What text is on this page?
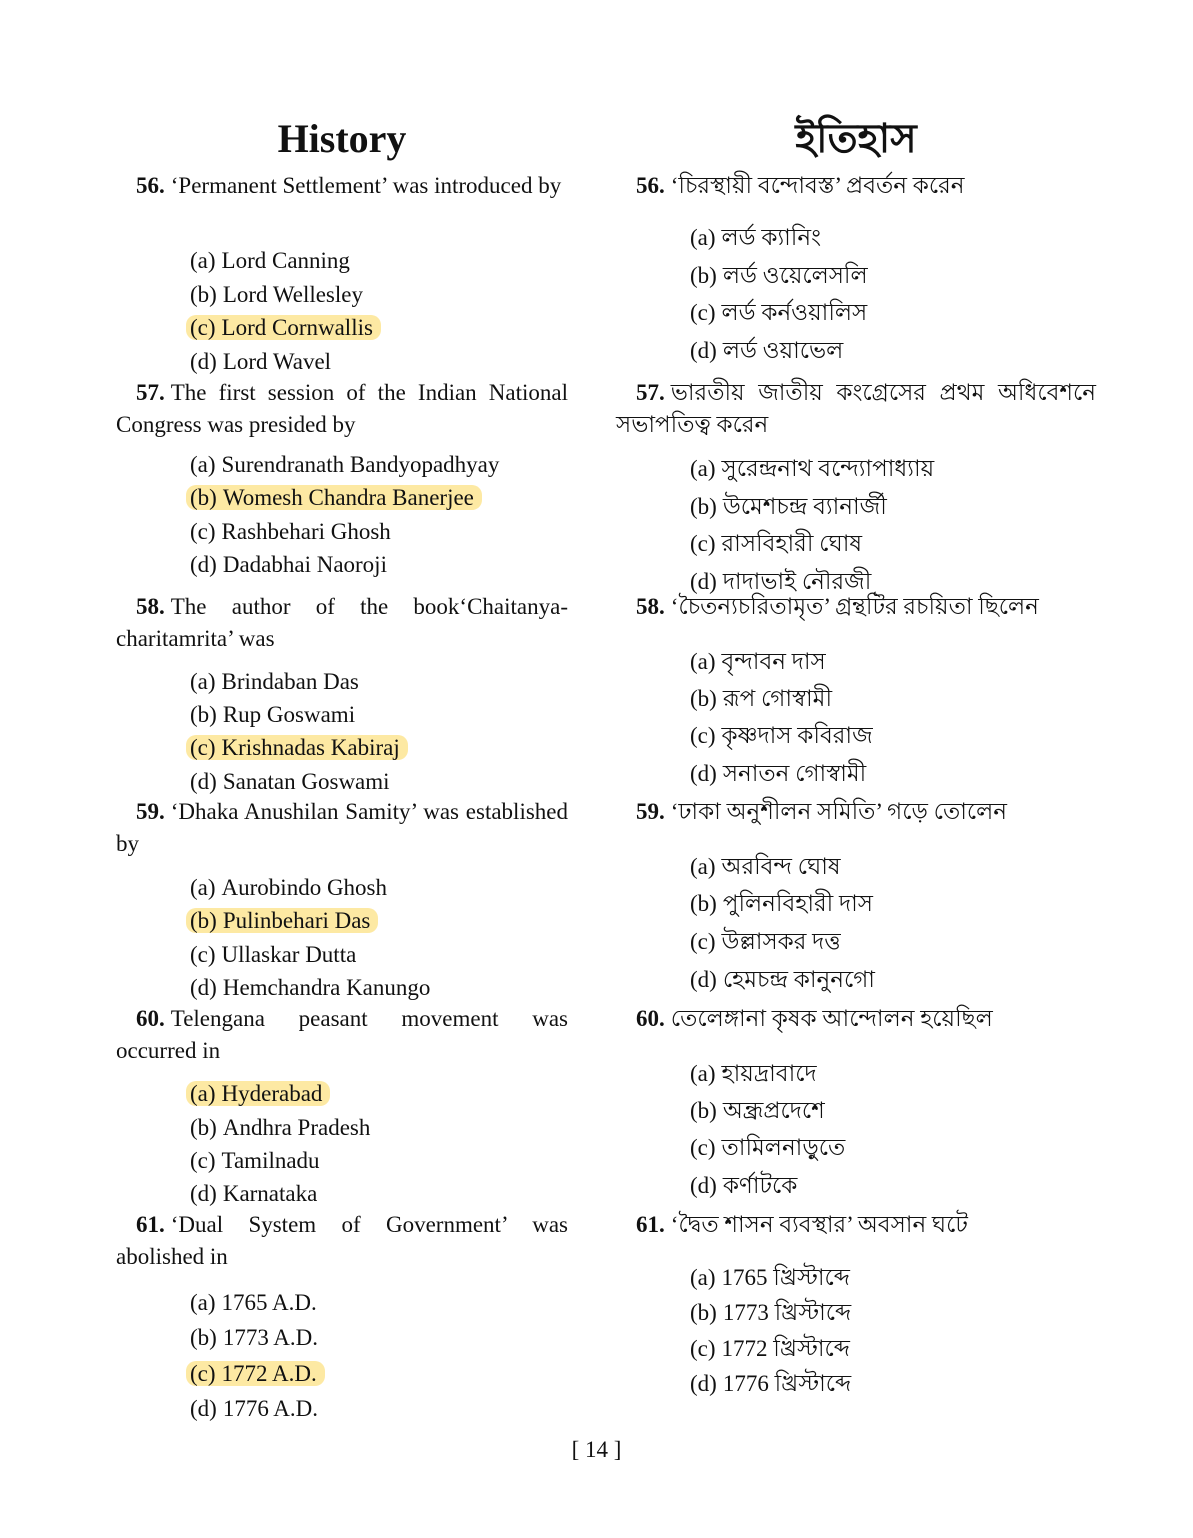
History

56. ‘Permanent Settlement’ was introduced by

(a) Lord Canning
(b) Lord Wellesley
(c) Lord Cornwallis
(d) Lord Wavel

57. The first session of the Indian National Congress was presided by

(a) Surendranath Bandyopadhyay
(b) Womesh Chandra Banerjee
(c) Rashbehari Ghosh
(d) Dadabhai Naoroji

58. The author of the book‘Chaitanya-charitamrita’ was

(a) Brindaban Das
(b) Rup Goswami
(c) Krishnadas Kabiraj
(d) Sanatan Goswami

59. ‘Dhaka Anushilan Samity’ was established by

(a) Aurobindo Ghosh
(b) Pulinbehari Das
(c) Ullaskar Dutta
(d) Hemchandra Kanungo

60. Telengana peasant movement was occurred in

(a) Hyderabad
(b) Andhra Pradesh
(c) Tamilnadu
(d) Karnataka

61. ‘Dual System of Government’ was abolished in

(a) 1765 A.D.
(b) 1773 A.D.
(c) 1772 A.D.
(d) 1776 A.D.
ইতিহাস

56. ‘চিরস্থায়ী বন্দোবস্ত’ প্রবর্তন করেন

(a) লর্ড ক্যানিং
(b) লর্ড ওয়েলেসলি
(c) লর্ড কর্নওয়ালিস
(d) লর্ড ওয়াভেল

57. ভারতীয় জাতীয় কংগ্রেসের প্রথম অধিবেশনে সভাপতিত্ব করেন

(a) সুরেন্দ্রনাথ বন্দ্যোপাধ্যায়
(b) উমেশচন্দ্র ব্যানার্জী
(c) রাসবিহারী ঘোষ
(d) দাদাভাই নৌরজী

58. ‘চৈতন্যচরিতামৃত’ গ্রন্থটির রচয়িতা ছিলেন

(a) বৃন্দাবন দাস
(b) রূপ গোস্বামী
(c) কৃষ্ণদাস কবিরাজ
(d) সনাতন গোস্বামী

59. ‘ঢাকা অনুশীলন সমিতি’ গড়ে তোলেন

(a) অরবিন্দ ঘোষ
(b) পুলিনবিহারী দাস
(c) উল্লাসকর দত্ত
(d) হেমচন্দ্র কানুনগো

60. তেলেঙ্গানা কৃষক আন্দোলন হয়েছিল

(a) হায়দ্রাবাদে
(b) অন্ধ্রপ্রদেশে
(c) তামিলনাড়ুতে
(d) কর্ণাটকে

61. ‘দ্বৈত শাসন ব্যবস্থার’ অবসান ঘটে

(a) 1765 খ্রিস্টাব্দে
(b) 1773 খ্রিস্টাব্দে
(c) 1772 খ্রিস্টাব্দে
(d) 1776 খ্রিস্টাব্দে
[ 14 ]
